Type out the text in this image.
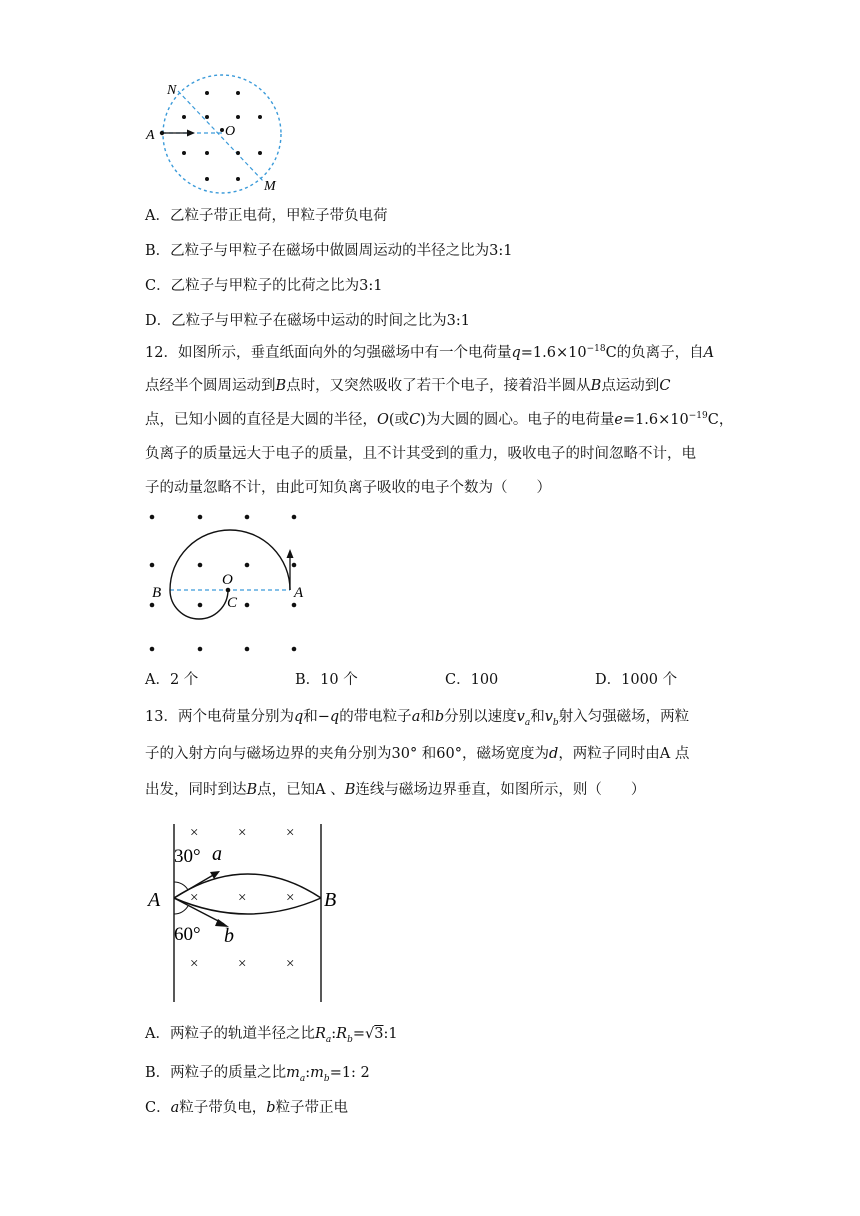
N
O
A
M
A．乙粒子带正电荷，甲粒子带负电荷
B．乙粒子与甲粒子在磁场中做圆周运动的半径之比为3:1
C．乙粒子与甲粒子的比荷之比为3:1
D．乙粒子与甲粒子在磁场中运动的时间之比为3:1
12．如图所示，垂直纸面向外的匀强磁场中有一个电荷量$q=1.6\times 10^{-18}C$的负离子，自A
点经半个圆周运动到B点时，又突然吸收了若干个电子，接着沿半圆从B点运动到C
点，已知小圆的直径是大圆的半径，O(或C)为大圆的圆心。电子的电荷量$e=1.6\times 10^{-19}C$，
负离子的质量远大于电子的质量，且不计其受到的重力，吸收电子的时间忽略不计，电
子的动量忽略不计，由此可知负离子吸收的电子个数为（　　）
B
O
C
A
A．2 个	B．10 个	C．100	D．1000 个
13．两个电荷量分别为q和−q的带电粒子a和b分别以速度$v_a$和$v_b$射入匀强磁场，两粒
子的入射方向与磁场边界的夹角分别为30° 和60°，磁场宽度为d，两粒子同时由A 点
出发，同时到达B点，已知A 、B连线与磁场边界垂直，如图所示，则（　　）
×	×	×
×	×	×
×	×	×
30° a
A	B
60° b
A．两粒子的轨道半径之比$R_a:R_b=√3:1$
B．两粒子的质量之比$m_a:m_b=1$: 2
C．a粒子带负电，b粒子带正电
